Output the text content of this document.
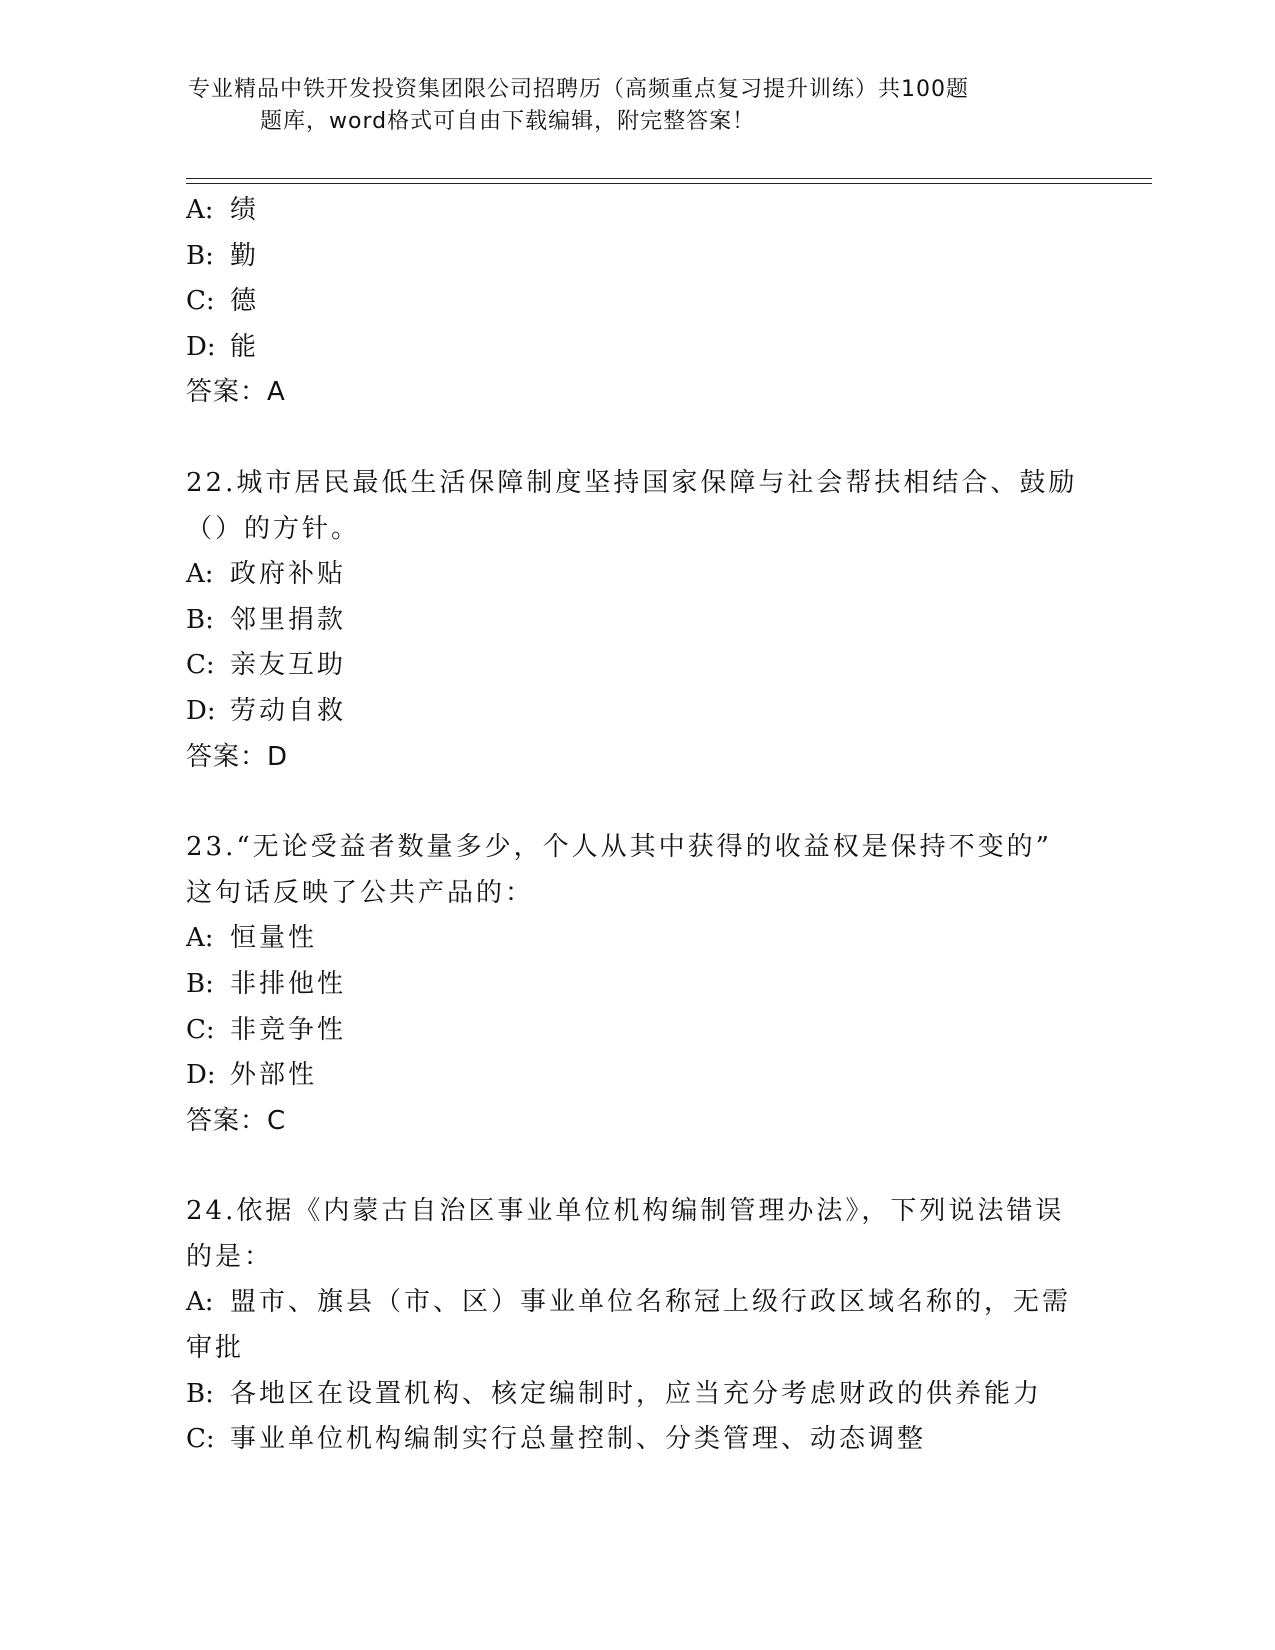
专业精品中铁开发投资集团限公司招聘历（高频重点复习提升训练）共100题
题库，word格式可自由下载编辑，附完整答案！
A: 绩
B: 勤
C: 德
D: 能
答案：A
22.城市居民最低生活保障制度坚持国家保障与社会帮扶相结合、鼓励
（）的方针。
A: 政府补贴
B: 邻里捐款
C: 亲友互助
D: 劳动自救
答案：D
23.“无论受益者数量多少，个人从其中获得的收益权是保持不变的”
这句话反映了公共产品的：
A: 恒量性
B: 非排他性
C: 非竞争性
D: 外部性
答案：C
24.依据《内蒙古自治区事业单位机构编制管理办法》，下列说法错误
的是：
A: 盟市、旗县（市、区）事业单位名称冠上级行政区域名称的，无需
审批
B: 各地区在设置机构、核定编制时，应当充分考虑财政的供养能力
C: 事业单位机构编制实行总量控制、分类管理、动态调整
